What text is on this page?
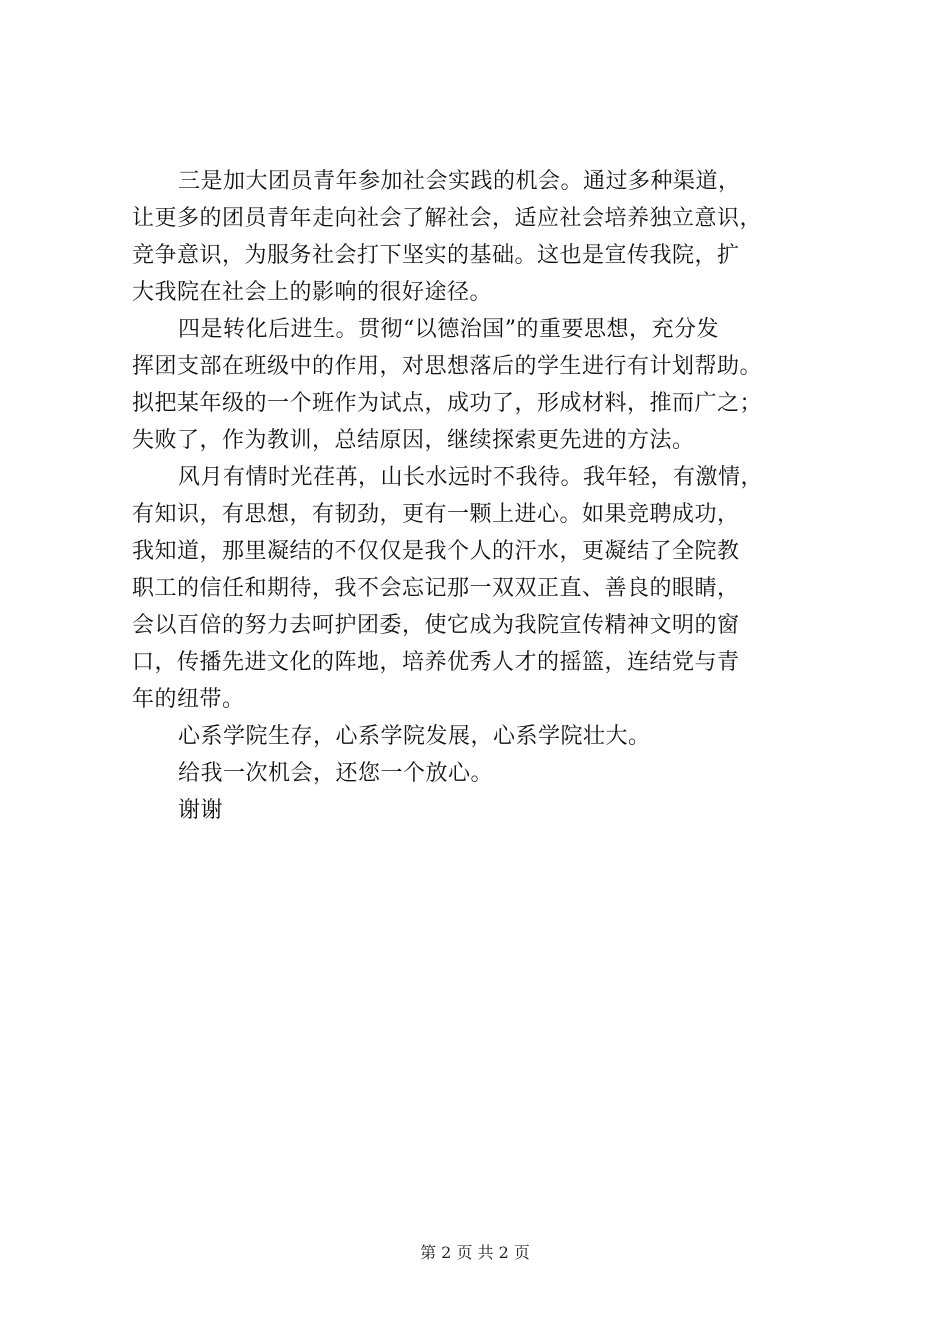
三是加大团员青年参加社会实践的机会。通过多种渠道，
让更多的团员青年走向社会了解社会，适应社会培养独立意识，
竞争意识，为服务社会打下坚实的基础。这也是宣传我院，扩
大我院在社会上的影响的很好途径。
四是转化后进生。贯彻“以德治国”的重要思想，充分发
挥团支部在班级中的作用，对思想落后的学生进行有计划帮助。
拟把某年级的一个班作为试点，成功了，形成材料，推而广之；
失败了，作为教训，总结原因，继续探索更先进的方法。
风月有情时光荏苒，山长水远时不我待。我年轻，有激情，
有知识，有思想，有韧劲，更有一颗上进心。如果竞聘成功，
我知道，那里凝结的不仅仅是我个人的汗水，更凝结了全院教
职工的信任和期待，我不会忘记那一双双正直、善良的眼睛，
会以百倍的努力去呵护团委，使它成为我院宣传精神文明的窗
口，传播先进文化的阵地，培养优秀人才的摇篮，连结党与青
年的纽带。
心系学院生存，心系学院发展，心系学院壮大。
给我一次机会，还您一个放心。
谢谢
第 2 页 共 2 页
